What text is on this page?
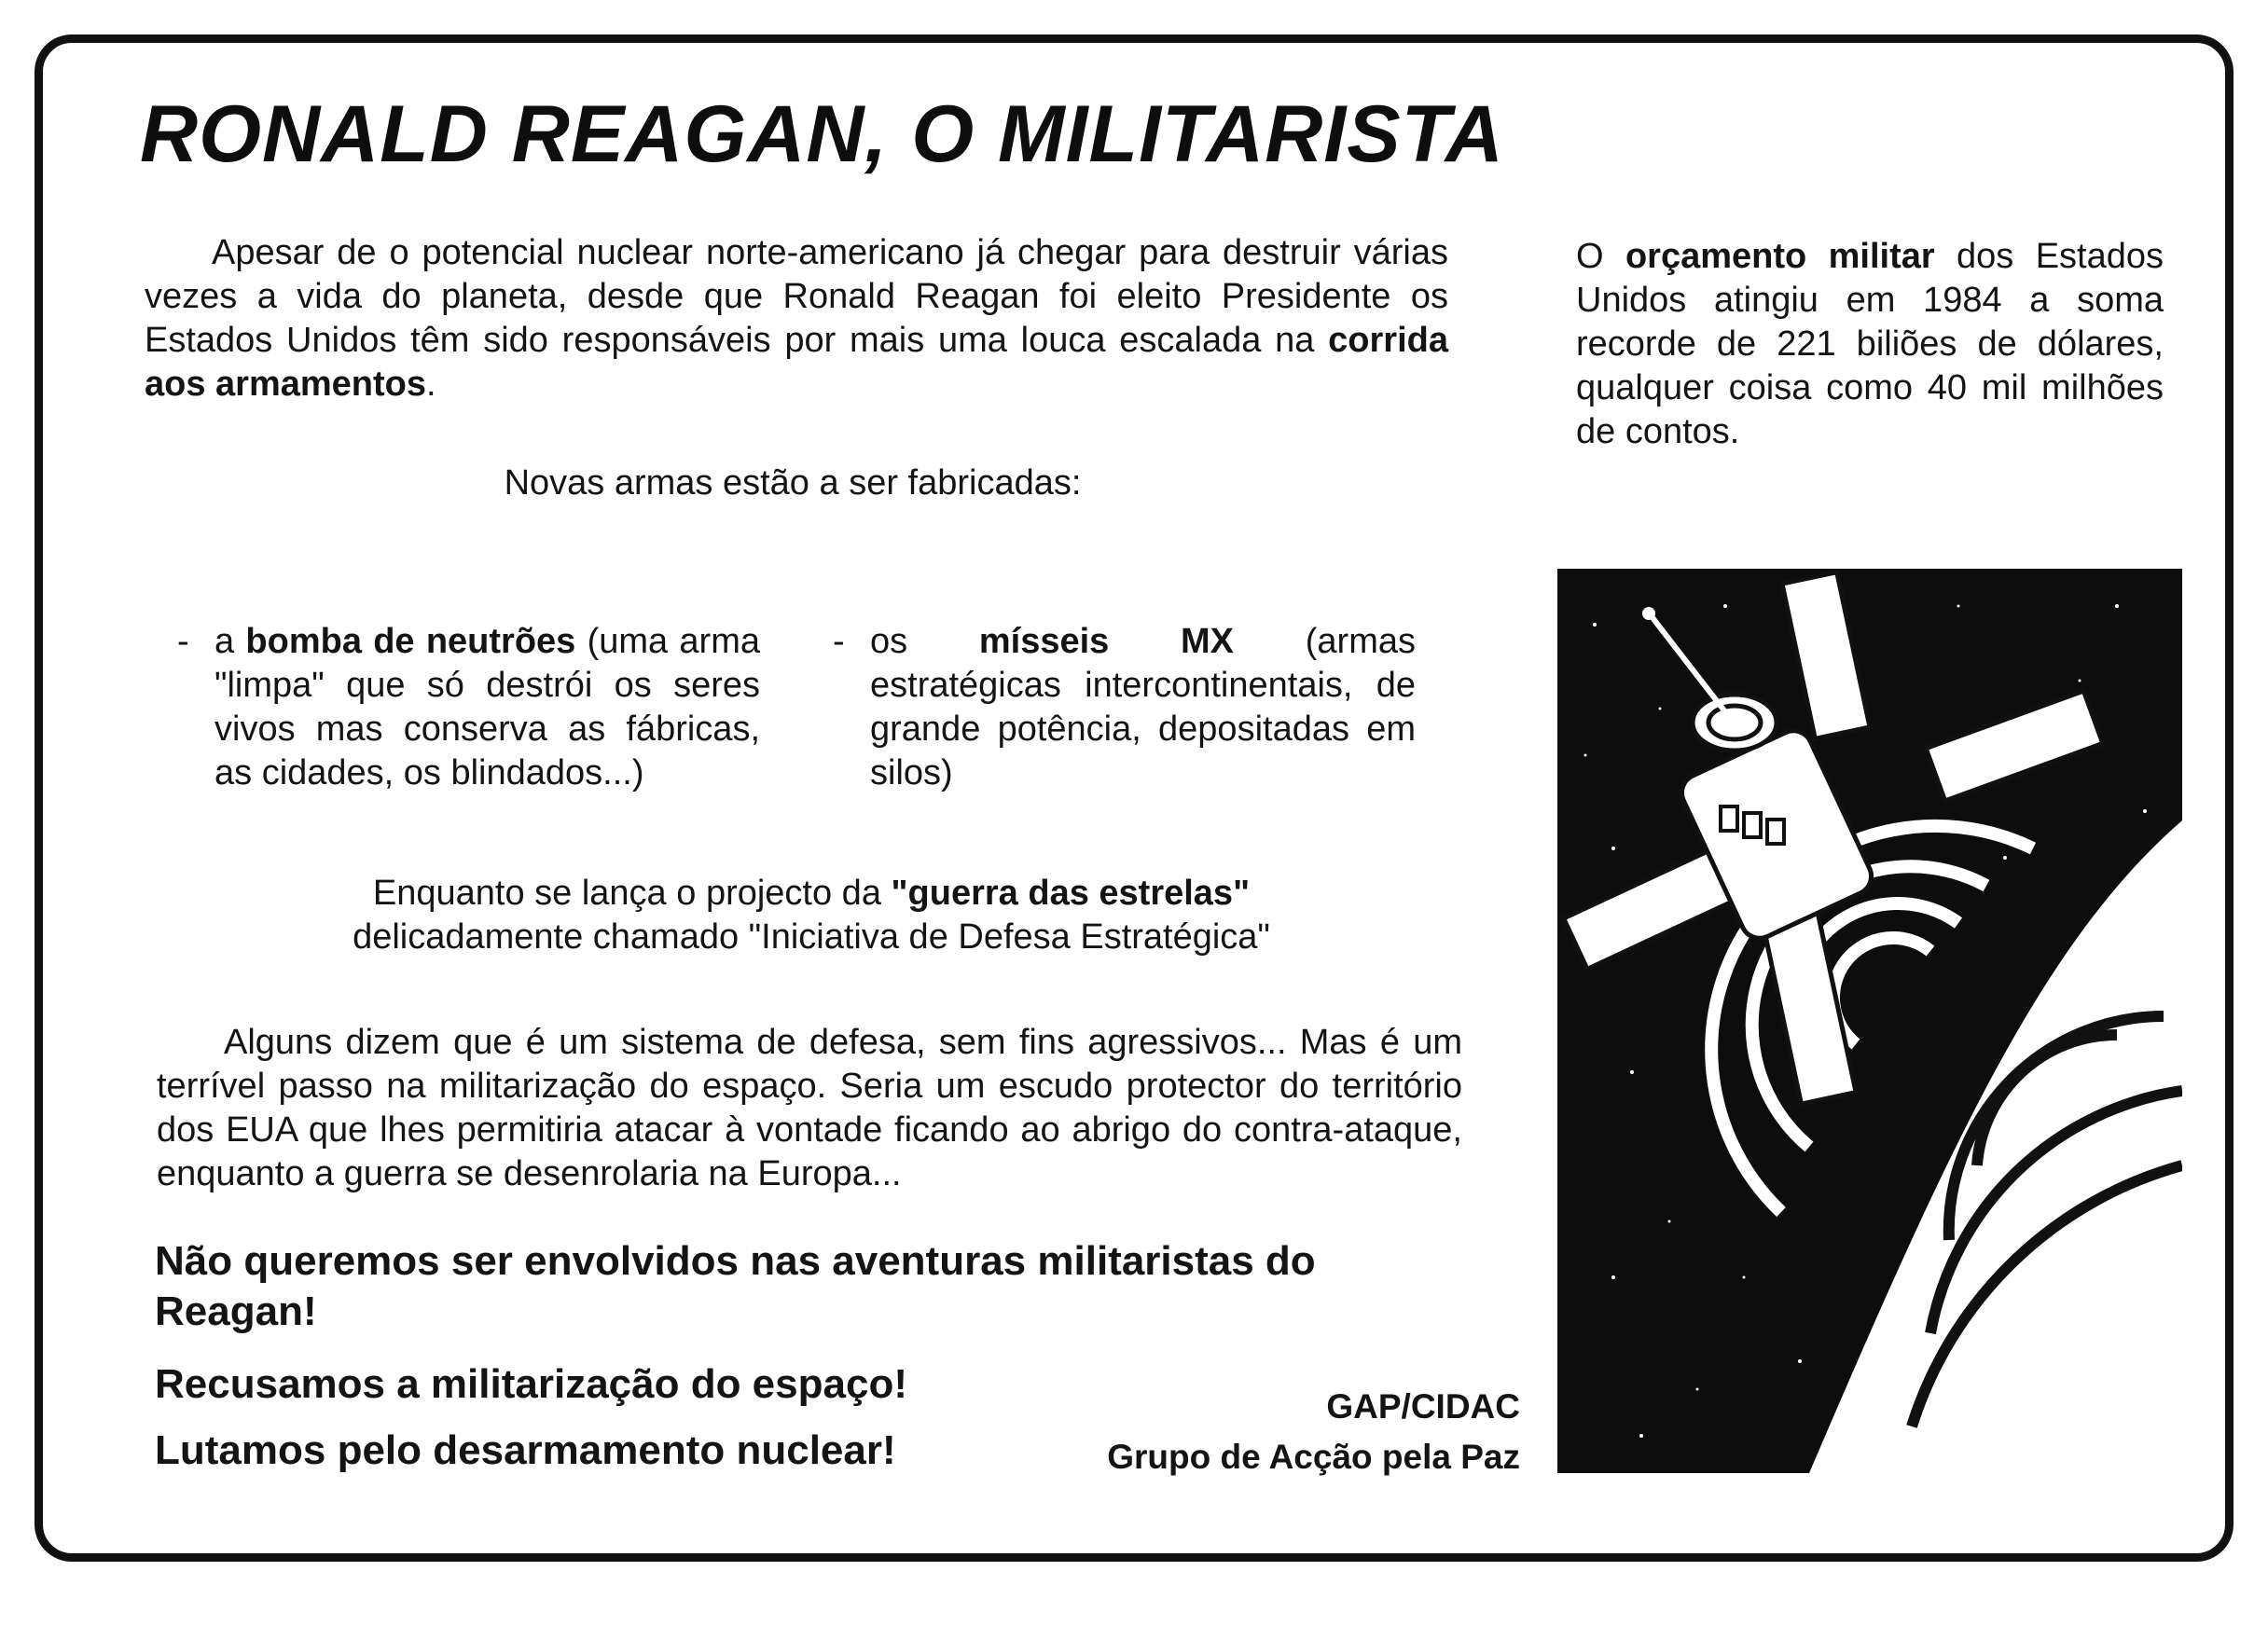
RONALD REAGAN, O MILITARISTA

Apesar de o potencial nuclear norte-americano já chegar para destruir várias vezes a vida do planeta, desde que Ronald Reagan foi eleito Presidente os Estados Unidos têm sido responsáveis por mais uma louca escalada na corrida aos armamentos.

O orçamento militar dos Estados Unidos atingiu em 1984 a soma recorde de 221 biliões de dólares, qualquer coisa como 40 mil milhões de contos.

Novas armas estão a ser fabricadas:

- a bomba de neutrões (uma arma "limpa" que só destrói os seres vivos mas conserva as fábricas, as cidades, os blindados...)
- os mísseis MX (armas estratégicas intercontinentais, de grande potência, depositadas em silos)
Enquanto se lança o projecto da "guerra das estrelas"
delicadamente chamado "Iniciativa de Defesa Estratégica"

Alguns dizem que é um sistema de defesa, sem fins agressivos... Mas é um terrível passo na militarização do espaço. Seria um escudo protector do território dos EUA que lhes permitiria atacar à vontade ficando ao abrigo do contra-ataque, enquanto a guerra se desenrolaria na Europa...

Não queremos ser envolvidos nas aventuras militaristas do Reagan!

Recusamos a militarização do espaço!

Lutamos pelo desarmamento nuclear!

GAP/CIDAC

Grupo de Acção pela Paz
